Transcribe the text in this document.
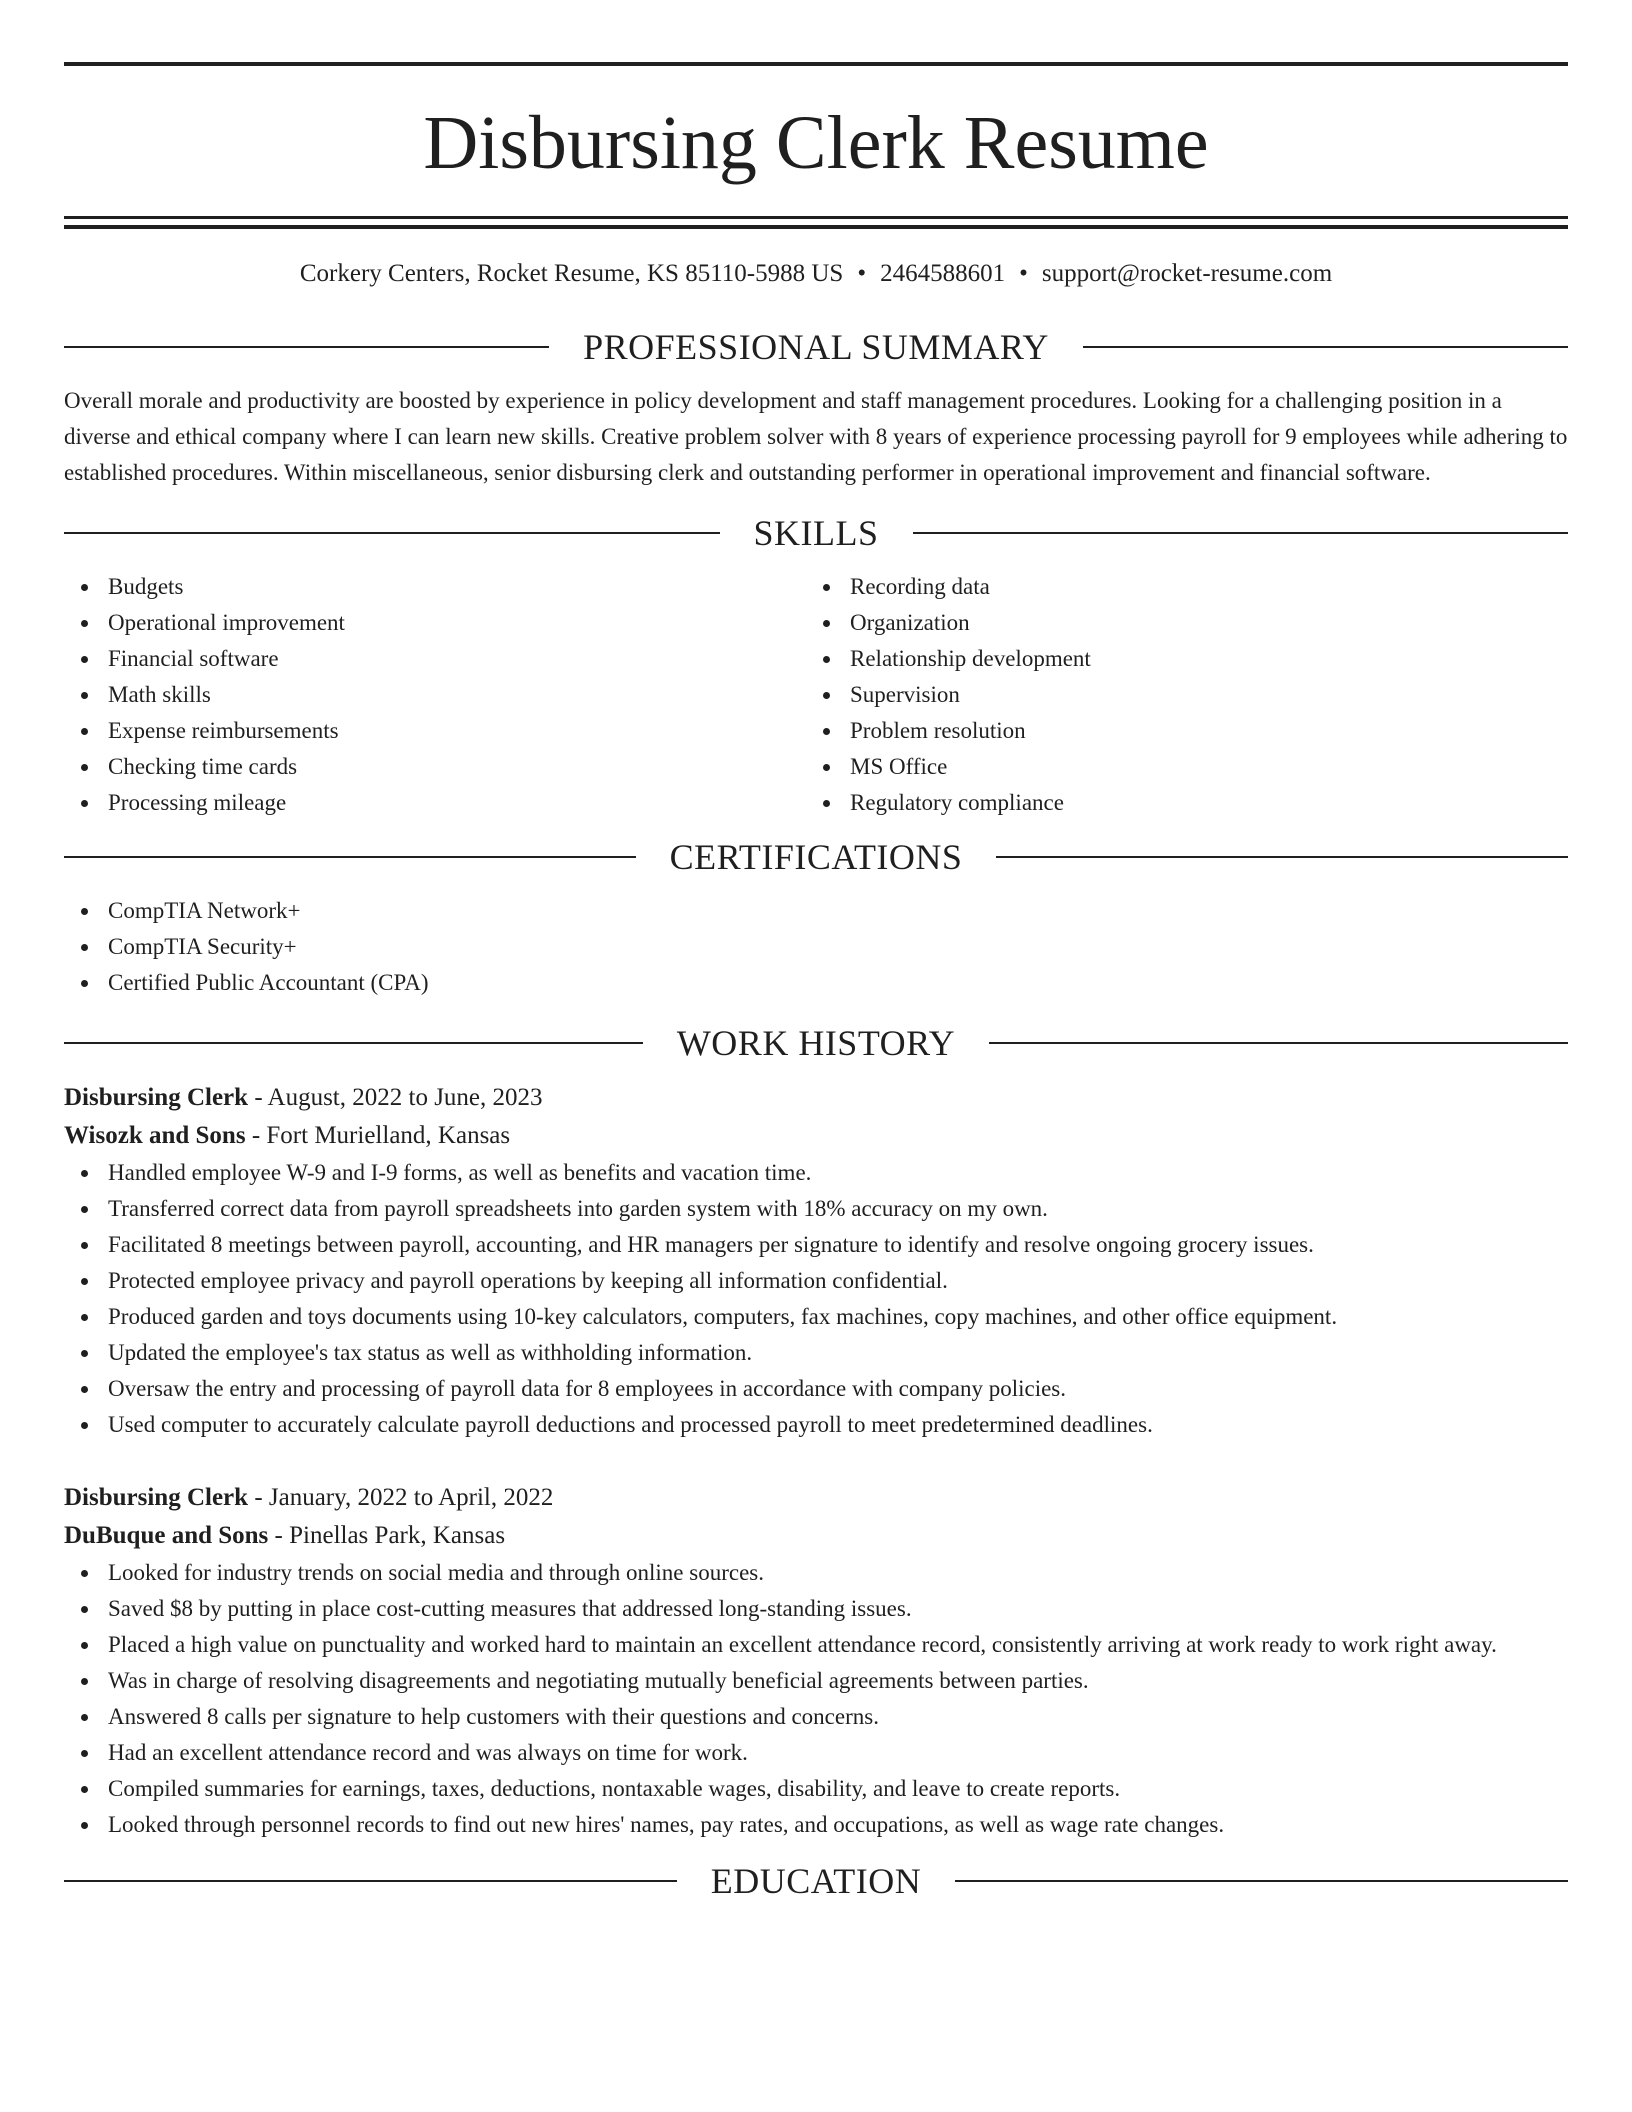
Disbursing Clerk Resume
Corkery Centers, Rocket Resume, KS 85110-5988 US • 2464588601 • support@rocket-resume.com
PROFESSIONAL SUMMARY

Overall morale and productivity are boosted by experience in policy development and staff management procedures. Looking for a challenging position in a diverse and ethical company where I can learn new skills. Creative problem solver with 8 years of experience processing payroll for 9 employees while adhering to established procedures. Within miscellaneous, senior disbursing clerk and outstanding performer in operational improvement and financial software.

SKILLS
Budgets
Operational improvement
Financial software
Math skills
Expense reimbursements
Checking time cards
Processing mileage
Recording data
Organization
Relationship development
Supervision
Problem resolution
MS Office
Regulatory compliance
CERTIFICATIONS
CompTIA Network+
CompTIA Security+
Certified Public Accountant (CPA)
WORK HISTORY
Disbursing Clerk - August, 2022 to June, 2023
Wisozk and Sons - Fort Murielland, Kansas
Handled employee W-9 and I-9 forms, as well as benefits and vacation time.
Transferred correct data from payroll spreadsheets into garden system with 18% accuracy on my own.
Facilitated 8 meetings between payroll, accounting, and HR managers per signature to identify and resolve ongoing grocery issues.
Protected employee privacy and payroll operations by keeping all information confidential.
Produced garden and toys documents using 10-key calculators, computers, fax machines, copy machines, and other office equipment.
Updated the employee's tax status as well as withholding information.
Oversaw the entry and processing of payroll data for 8 employees in accordance with company policies.
Used computer to accurately calculate payroll deductions and processed payroll to meet predetermined deadlines.
Disbursing Clerk - January, 2022 to April, 2022
DuBuque and Sons - Pinellas Park, Kansas
Looked for industry trends on social media and through online sources.
Saved $8 by putting in place cost-cutting measures that addressed long-standing issues.
Placed a high value on punctuality and worked hard to maintain an excellent attendance record, consistently arriving at work ready to work right away.
Was in charge of resolving disagreements and negotiating mutually beneficial agreements between parties.
Answered 8 calls per signature to help customers with their questions and concerns.
Had an excellent attendance record and was always on time for work.
Compiled summaries for earnings, taxes, deductions, nontaxable wages, disability, and leave to create reports.
Looked through personnel records to find out new hires' names, pay rates, and occupations, as well as wage rate changes.
EDUCATION
